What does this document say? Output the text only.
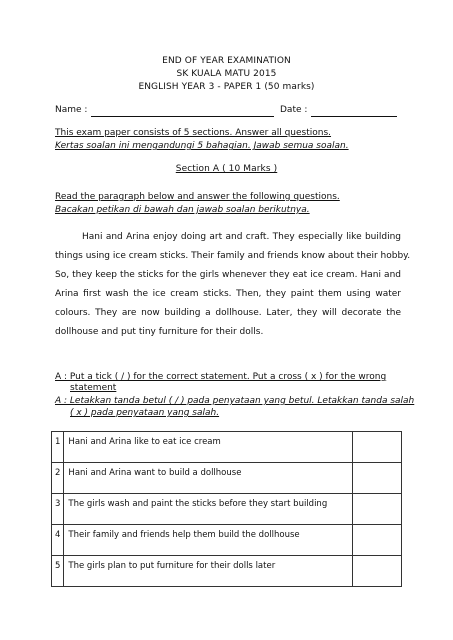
END OF YEAR EXAMINATION
SK KUALA MATU 2015
ENGLISH YEAR 3 - PAPER 1 (50 marks)
Name :	Date :
This exam paper consists of 5 sections. Answer all questions.
Kertas soalan ini mengandungi 5 bahagian. Jawab semua soalan.
Section A ( 10 Marks )
Read the paragraph below and answer the following questions.
Bacakan petikan di bawah dan jawab soalan berikutnya.
Hani and Arina enjoy doing art and craft. They especially like building
things using ice cream sticks. Their family and friends know about their hobby.
So, they keep the sticks for the girls whenever they eat ice cream. Hani and
Arina first wash the ice cream sticks. Then, they paint them using water
colours. They are now building a dollhouse. Later, they will decorate the
dollhouse and put tiny furniture for their dolls.
A : Put a tick ( / ) for the correct statement. Put a cross ( x ) for the wrong
statement
A : Letakkan tanda betul ( / ) pada penyataan yang betul. Letakkan tanda salah
( x ) pada penyataan yang salah.
1	Hani and Arina like to eat ice cream	
2	Hani and Arina want to build a dollhouse	
3	The girls wash and paint the sticks before they start building	
4	Their family and friends help them build the dollhouse	
5	The girls plan to put furniture for their dolls later	
